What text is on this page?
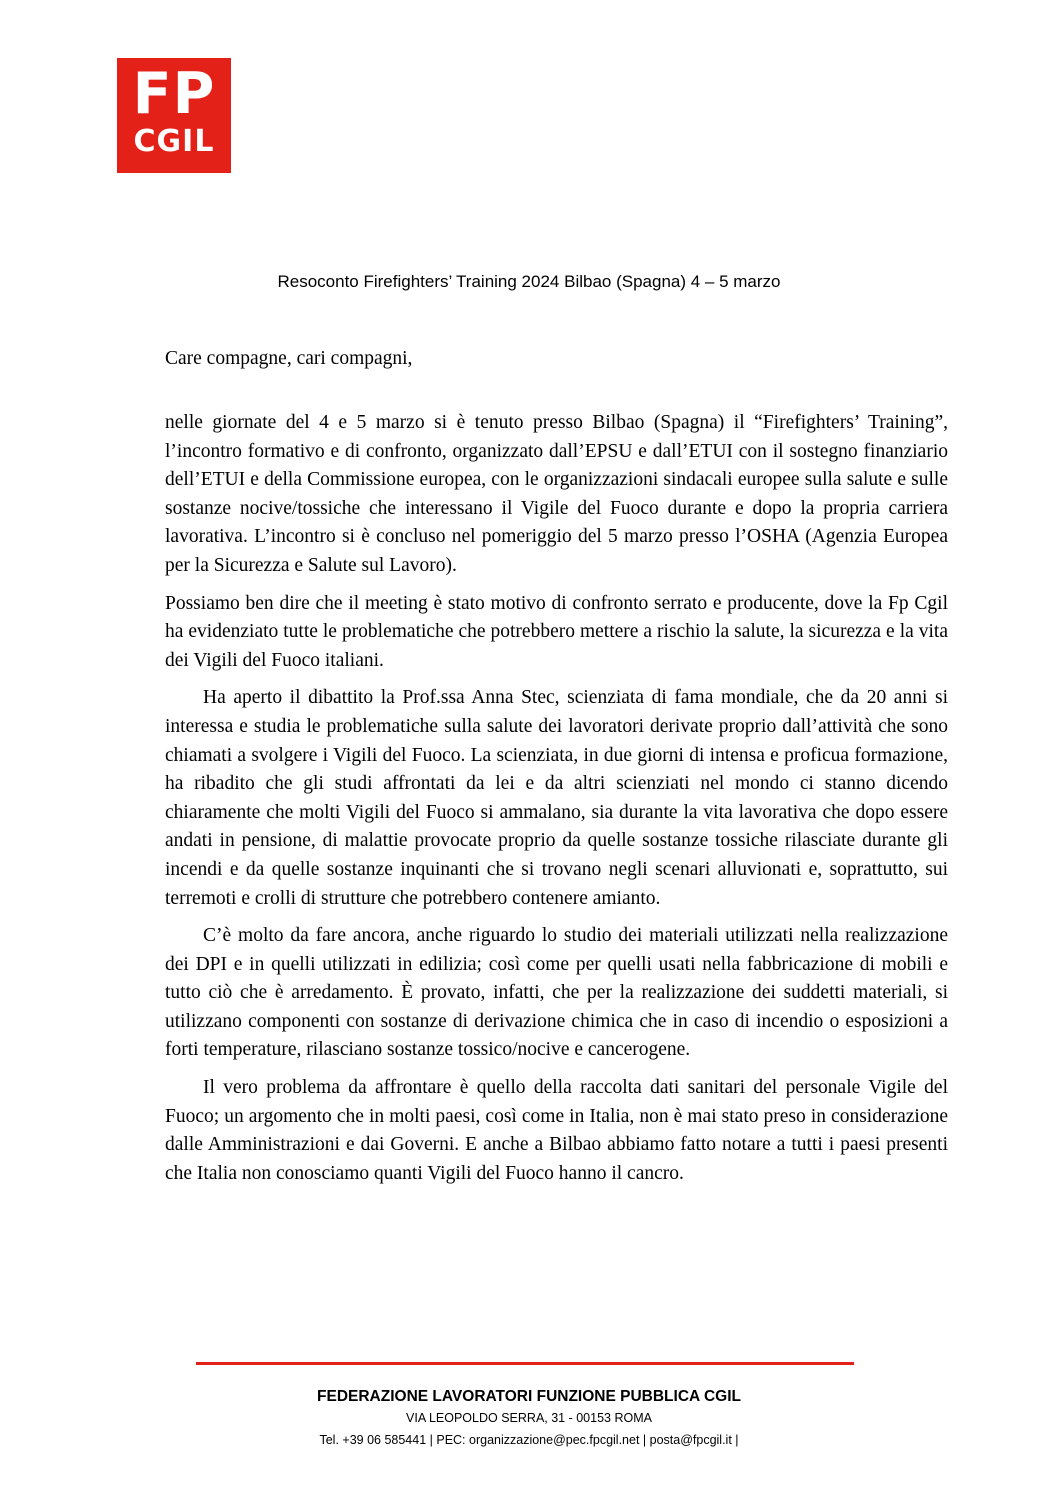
FP
CGIL
Resoconto Firefighters’ Training 2024 Bilbao (Spagna) 4 – 5 marzo
Care compagne, cari compagni,

nelle giornate del 4 e 5 marzo si è tenuto presso Bilbao (Spagna) il “Firefighters’ Training”, l’incontro formativo e di confronto, organizzato dall’EPSU e dall’ETUI con il sostegno finanziario dell’ETUI e della Commissione europea, con le organizzazioni sindacali europee sulla salute e sulle sostanze nocive/tossiche che interessano il Vigile del Fuoco durante e dopo la propria carriera lavorativa. L’incontro si è concluso nel pomeriggio del 5 marzo presso l’OSHA (Agenzia Europea per la Sicurezza e Salute sul Lavoro).

Possiamo ben dire che il meeting è stato motivo di confronto serrato e producente, dove la Fp Cgil ha evidenziato tutte le problematiche che potrebbero mettere a rischio la salute, la sicurezza e la vita dei Vigili del Fuoco italiani.

Ha aperto il dibattito la Prof.ssa Anna Stec, scienziata di fama mondiale, che da 20 anni si interessa e studia le problematiche sulla salute dei lavoratori derivate proprio dall’attività che sono chiamati a svolgere i Vigili del Fuoco. La scienziata, in due giorni di intensa e proficua formazione, ha ribadito che gli studi affrontati da lei e da altri scienziati nel mondo ci stanno dicendo chiaramente che molti Vigili del Fuoco si ammalano, sia durante la vita lavorativa che dopo essere andati in pensione, di malattie provocate proprio da quelle sostanze tossiche rilasciate durante gli incendi e da quelle sostanze inquinanti che si trovano negli scenari alluvionati e, soprattutto, sui terremoti e crolli di strutture che potrebbero contenere amianto.

C’è molto da fare ancora, anche riguardo lo studio dei materiali utilizzati nella realizzazione dei DPI e in quelli utilizzati in edilizia; così come per quelli usati nella fabbricazione di mobili e tutto ciò che è arredamento. È provato, infatti, che per la realizzazione dei suddetti materiali, si utilizzano componenti con sostanze di derivazione chimica che in caso di incendio o esposizioni a forti temperature, rilasciano sostanze tossico/nocive e cancerogene.

Il vero problema da affrontare è quello della raccolta dati sanitari del personale Vigile del Fuoco; un argomento che in molti paesi, così come in Italia, non è mai stato preso in considerazione dalle Amministrazioni e dai Governi. E anche a Bilbao abbiamo fatto notare a tutti i paesi presenti che Italia non conosciamo quanti Vigili del Fuoco hanno il cancro.

FEDERAZIONE LAVORATORI FUNZIONE PUBBLICA CGIL
VIA LEOPOLDO SERRA, 31 - 00153 ROMA
Tel. +39 06 585441 | PEC: organizzazione@pec.fpcgil.net | posta@fpcgil.it |
